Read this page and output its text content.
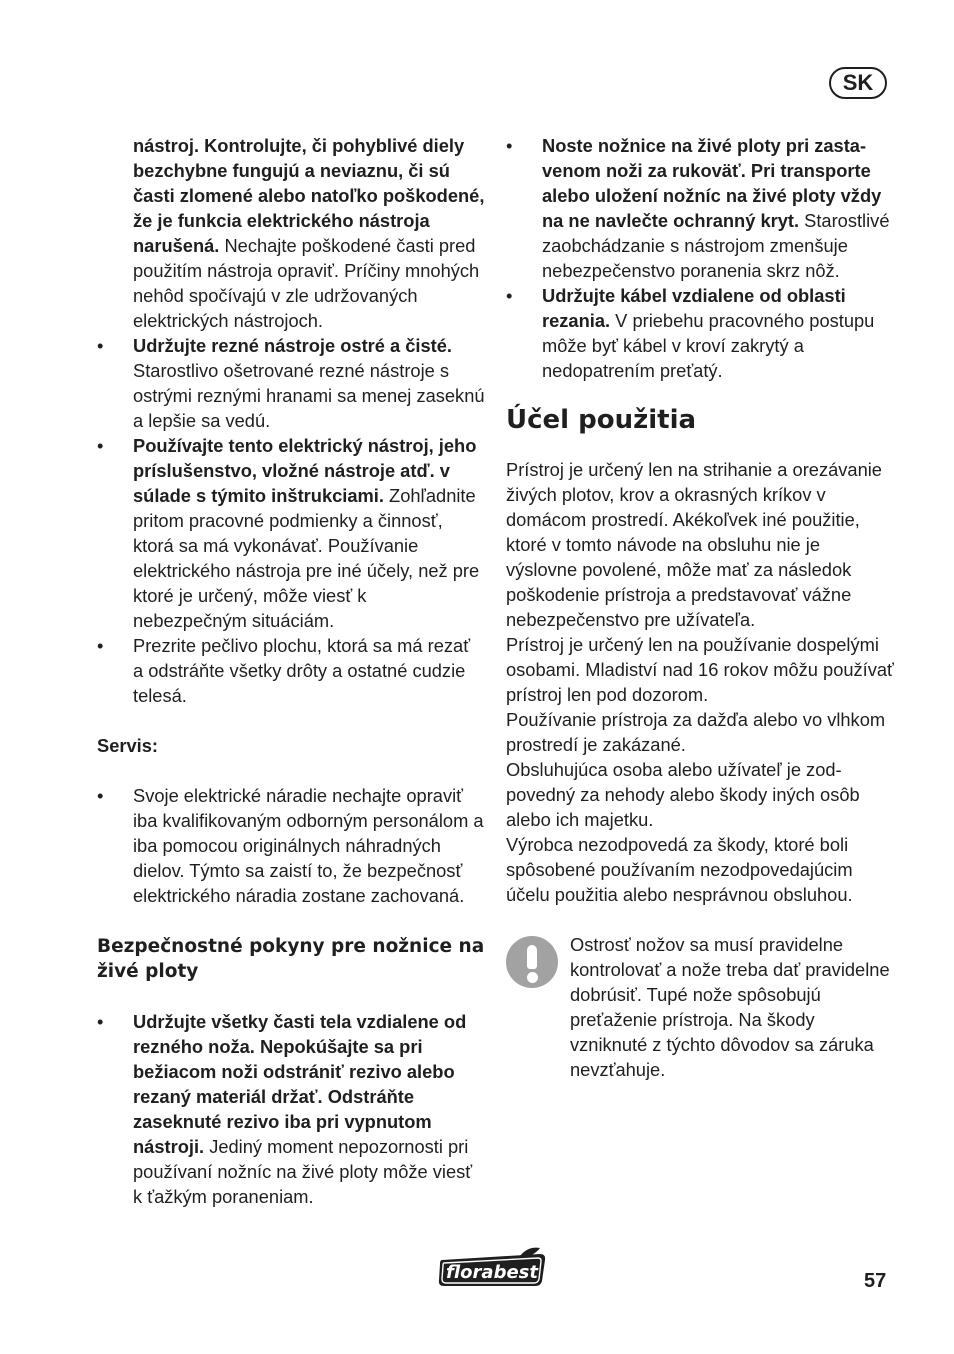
SK
nástroj. Kontrolujte, či pohyblivé diely bezchybne fungujú a neviaznu, či sú časti zlomené alebo natoľko poškodené, že je funkcia elektrického nástroja narušená. Nechajte poškodené časti pred použitím nástroja opraviť. Príčiny mnohých nehôd spočívajú v zle udržovaných elektrických nástrojoch.
• Udržujte rezné nástroje ostré a čisté. Starostlivo ošetrované rezné nástroje s ostrými reznými hranami sa menej zaseknú a lepšie sa vedú.
• Používajte tento elektrický nástroj, jeho príslušenstvo, vložné nástroje atď. v súlade s týmito inštrukciami. Zohľadnite pritom pracovné podmienky a činnosť, ktorá sa má vykonávať. Používanie elektrického nástroja pre iné účely, než pre ktoré je určený, môže viesť k nebezpečným situáciám.
• Prezrite pečlivo plochu, ktorá sa má rezať a odstráňte všetky drôty a ostatné cudzie telesá.
Servis:
• Svoje elektrické náradie nechajte opraviť iba kvalifikovaným odborným personálom a iba pomocou originálnych náhradných dielov. Týmto sa zaistí to, že bezpečnosť elektrického náradia zostane zachovaná.
Bezpečnostné pokyny pre nožnice na živé ploty
• Udržujte všetky časti tela vzdialene od rezného noža. Nepokúšajte sa pri bežiacom noži odstrániť rezivo alebo rezaný materiál držať. Odstráňte zaseknuté rezivo iba pri vypnutom nástroji. Jediný moment nepozornosti pri používaní nožníc na živé ploty môže viesť k ťažkým poraneniam.
• Noste nožnice na živé ploty pri zastavenom noži za rukoväť. Pri transporte alebo uložení nožníc na živé ploty vždy na ne navlečte ochranný kryt. Starostlivé zaobchádzanie s nástrojom zmenšuje nebezpečenstvo poranenia skrz nôž.
• Udržujte kábel vzdialene od oblasti rezania. V priebehu pracovného postupu môže byť kábel v kroví zakrytý a nedopatrením preťatý.
Účel použitia

Prístroj je určený len na strihanie a orezávanie živých plotov, krov a okrasných kríkov v domácom prostredí. Akékoľvek iné použitie, ktoré v tomto návode na obsluhu nie je výslovne povolené, môže mať za následok poškodenie prístroja a predstavovať vážne nebezpečenstvo pre užívateľa.

Prístroj je určený len na používanie dospelými osobami. Mladiství nad 16 rokov môžu používať prístroj len pod dozorom.

Používanie prístroja za dažďa alebo vo vlhkom prostredí je zakázané.

Obsluhujúca osoba alebo užívateľ je zodpovedný za nehody alebo škody iných osôb alebo ich majetku.

Výrobca nezodpovedá za škody, ktoré boli spôsobené používaním nezodpovedajúcim účelu použitia alebo nesprávnou obsluhou.

Ostrosť nožov sa musí pravidelne kontrolovať a nože treba dať pravidelne dobrúsiť. Tupé nože spôsobujú preťaženie prístroja. Na škody vzniknuté z týchto dôvodov sa záruka nevzťahuje.
florabest	57
